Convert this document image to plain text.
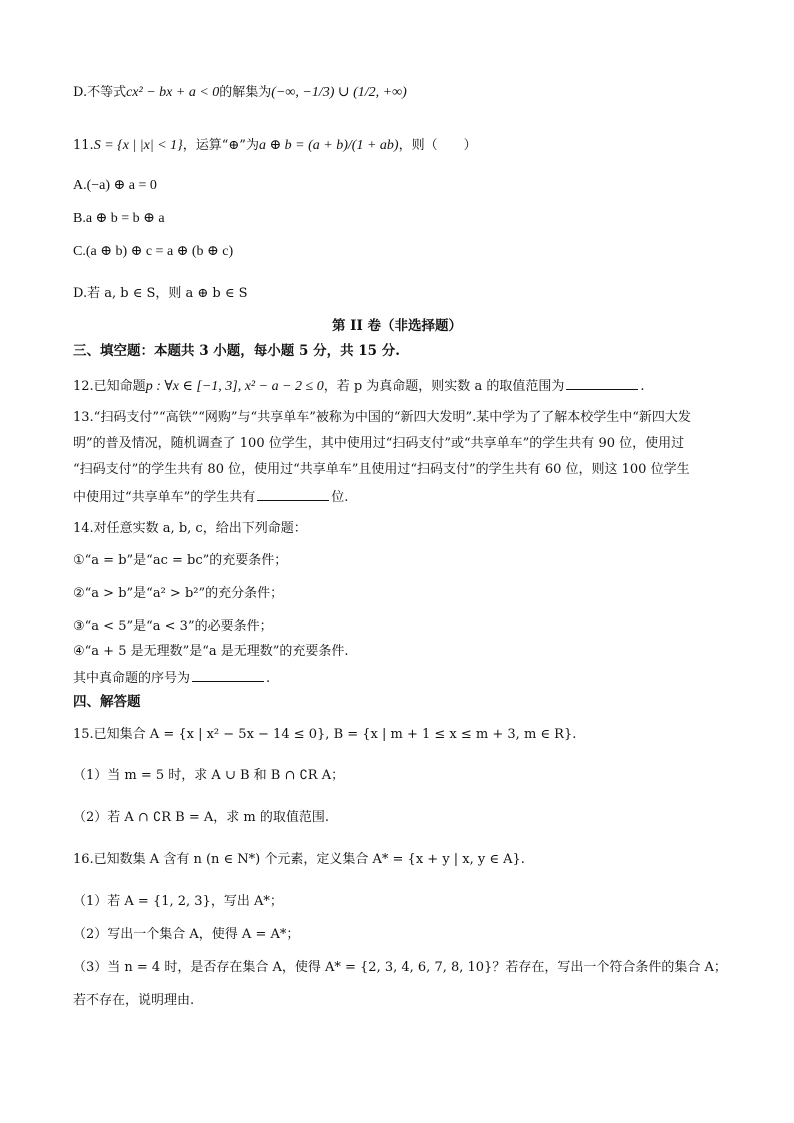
D.不等式cx² − bx + a < 0的解集为(−∞, −1/3) ∪ (1/2, +∞)
11.S = {x | |x| < 1}，运算“⊕”为a ⊕ b = (a + b)/(1 + ab)，则（　　）
A.(−a) ⊕ a = 0
B.a ⊕ b = b ⊕ a
C.(a ⊕ b) ⊕ c = a ⊕ (b ⊕ c)
D.若 a, b ∈ S，则 a ⊕ b ∈ S
第 II 卷（非选择题）
三、填空题：本题共 3 小题，每小题 5 分，共 15 分.
12.已知命题p : ∀x ∈ [−1, 3], x² − a − 2 ≤ 0，若 p 为真命题，则实数 a 的取值范围为	.
13.“扫码支付”“高铁”“网购”与“共享单车”被称为中国的“新四大发明”.某中学为了了解本校学生中“新四大发
明”的普及情况，随机调查了 100 位学生，其中使用过“扫码支付”或“共享单车”的学生共有 90 位，使用过
“扫码支付”的学生共有 80 位，使用过“共享单车”且使用过“扫码支付”的学生共有 60 位，则这 100 位学生
中使用过“共享单车”的学生共有	位.
14.对任意实数 a, b, c，给出下列命题：
①“a = b”是“ac = bc”的充要条件；
②“a > b”是“a² > b²”的充分条件；
③“a < 5”是“a < 3”的必要条件；
④“a + 5 是无理数”是“a 是无理数”的充要条件.
其中真命题的序号为	.
四、解答题
15.已知集合 A = {x | x² − 5x − 14 ≤ 0}, B = {x | m + 1 ≤ x ≤ m + 3, m ∈ R}.
（1）当 m = 5 时，求 A ∪ B 和 B ∩ ∁R A；
（2）若 A ∩ ∁R B = A，求 m 的取值范围.
16.已知数集 A 含有 n (n ∈ N*) 个元素，定义集合 A* = {x + y | x, y ∈ A}.
（1）若 A = {1, 2, 3}，写出 A*；
（2）写出一个集合 A，使得 A = A*；
（3）当 n = 4 时，是否存在集合 A，使得 A* = {2, 3, 4, 6, 7, 8, 10}？若存在，写出一个符合条件的集合 A；
若不存在，说明理由.
